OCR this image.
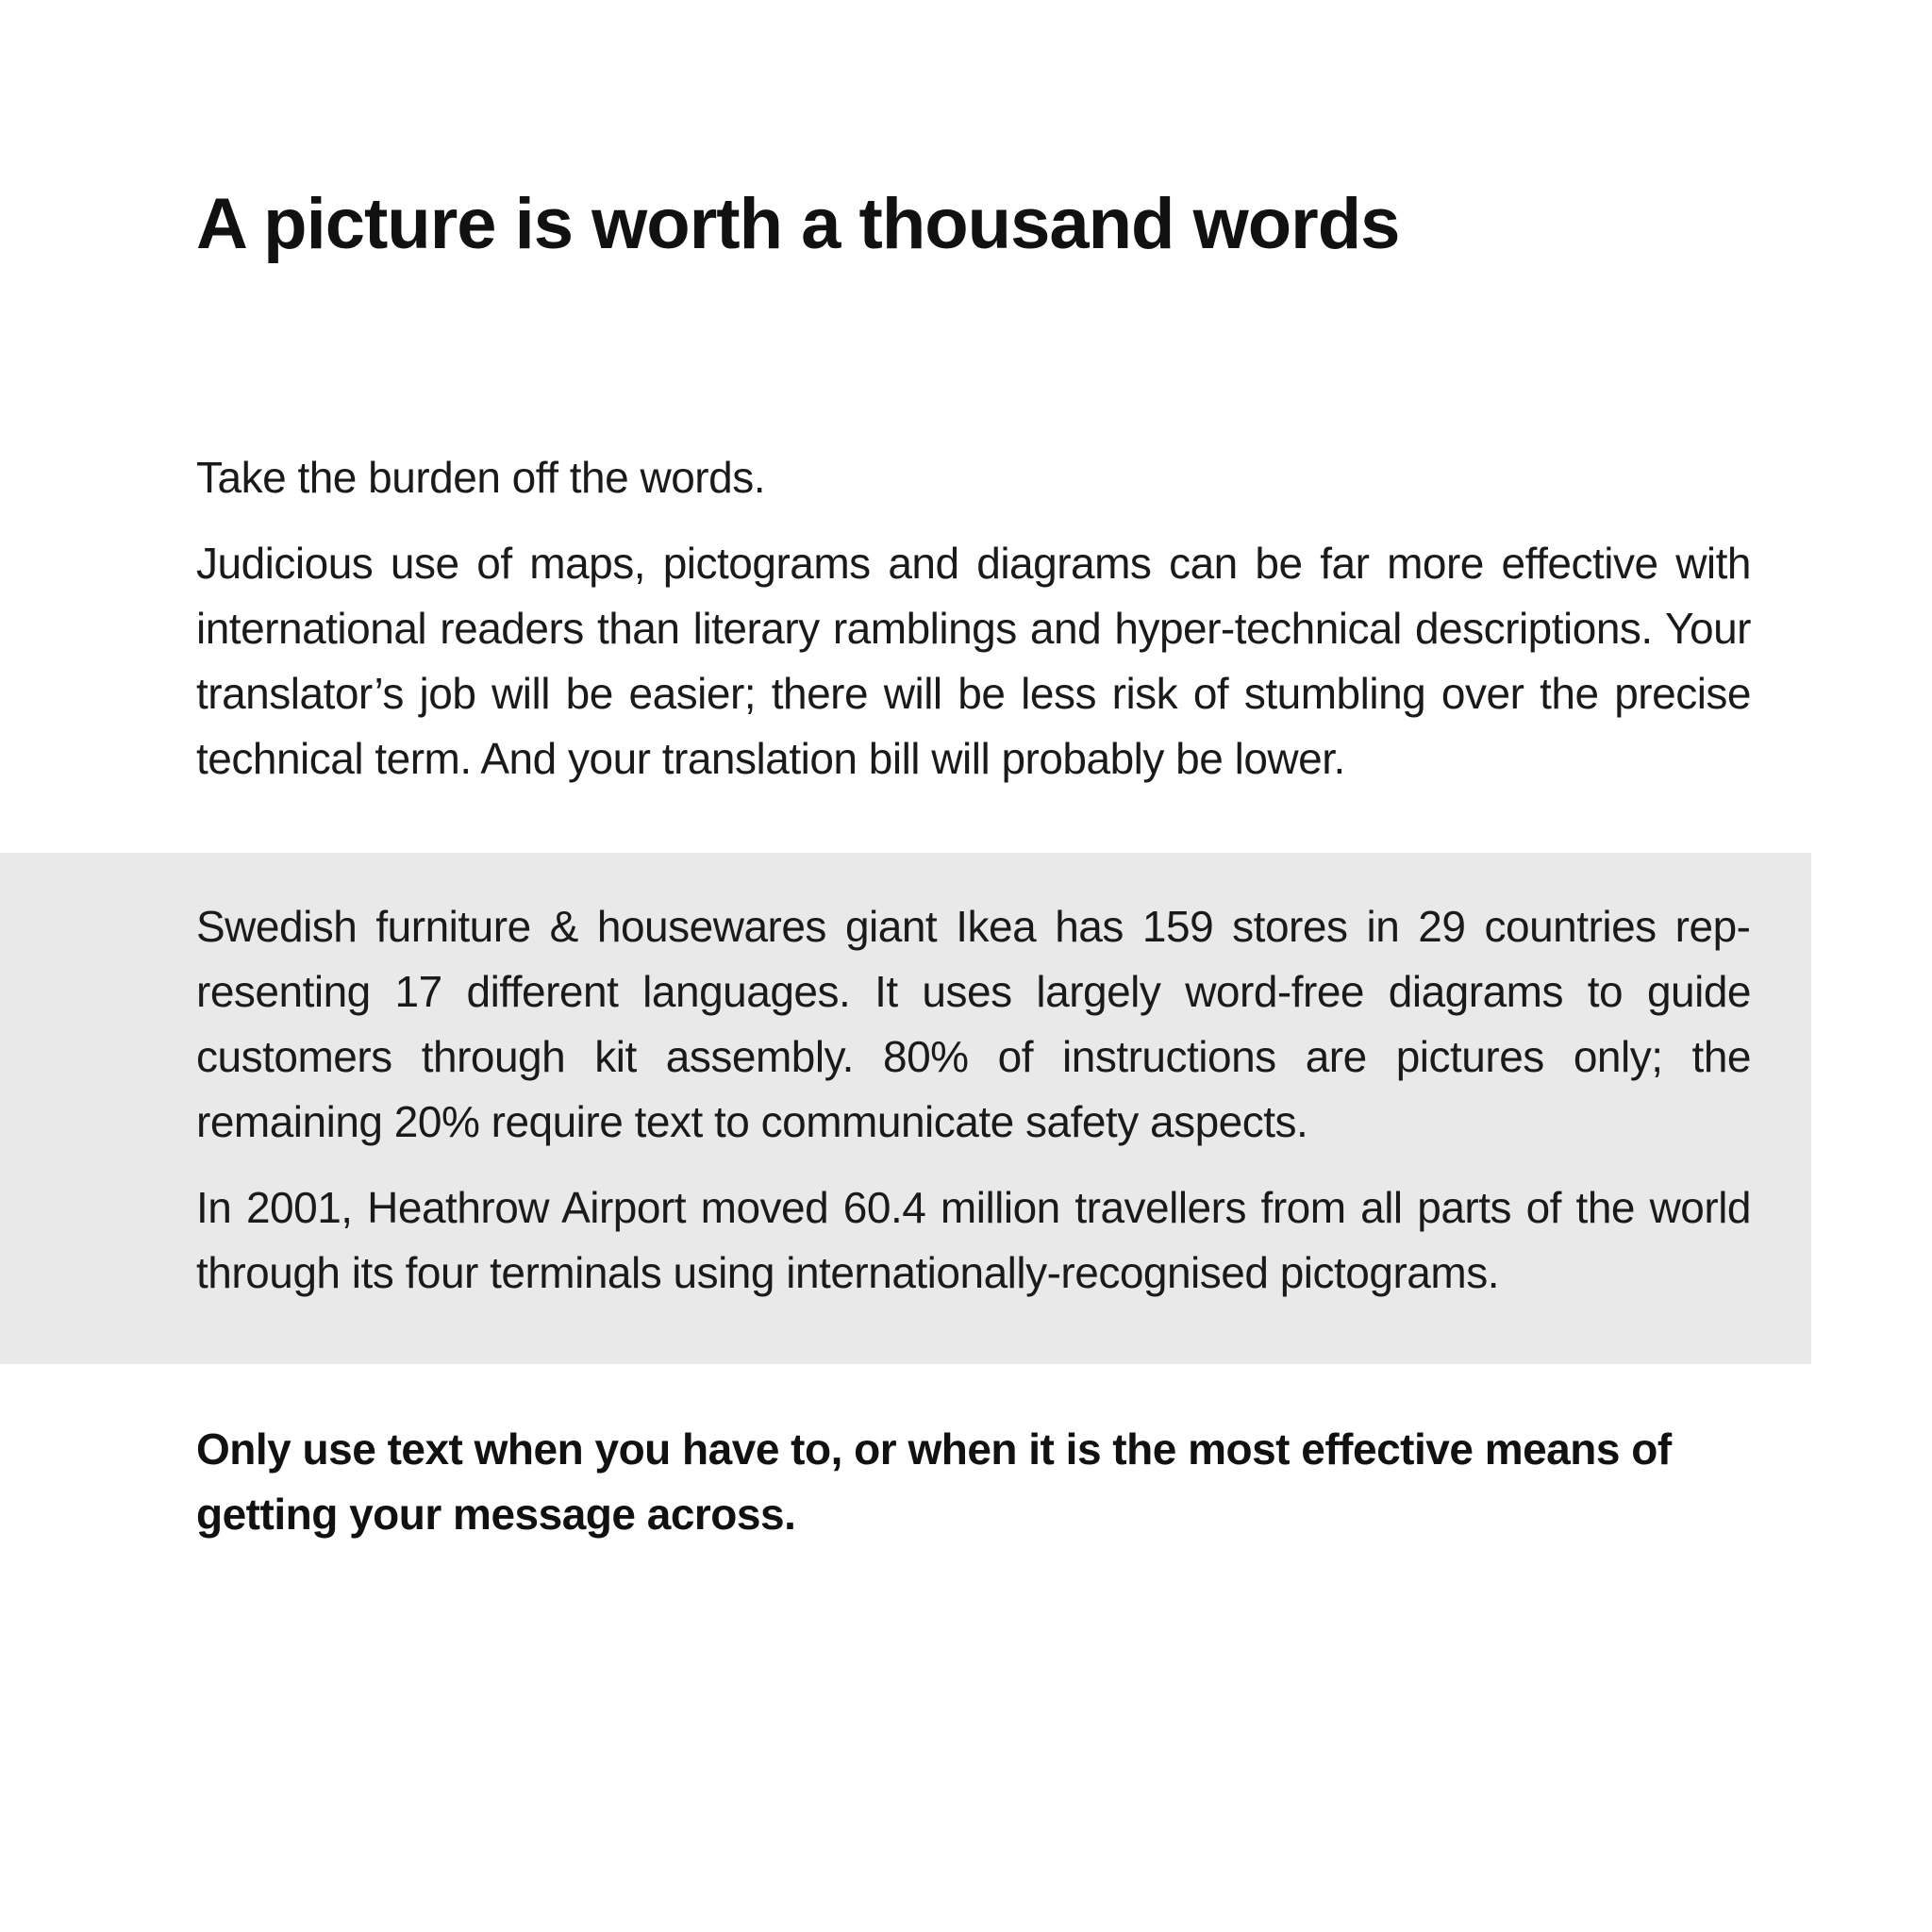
A picture is worth a thousand words

Take the burden off the words.

Judicious use of maps, pictograms and diagrams can be far more effective with international readers than literary ramblings and hyper-technical descriptions. Your translator’s job will be easier; there will be less risk of stumbling over the precise technical term. And your translation bill will probably be lower.

Swedish furniture & housewares giant Ikea has 159 stores in 29 countries representing 17 different languages. It uses largely word-free diagrams to guide customers through kit assembly. 80% of instructions are pictures only; the remaining 20% require text to communicate safety aspects.

In 2001, Heathrow Airport moved 60.4 million travellers from all parts of the world through its four terminals using internationally-recognised pictograms.

Only use text when you have to, or when it is the most effective means of getting your message across.
